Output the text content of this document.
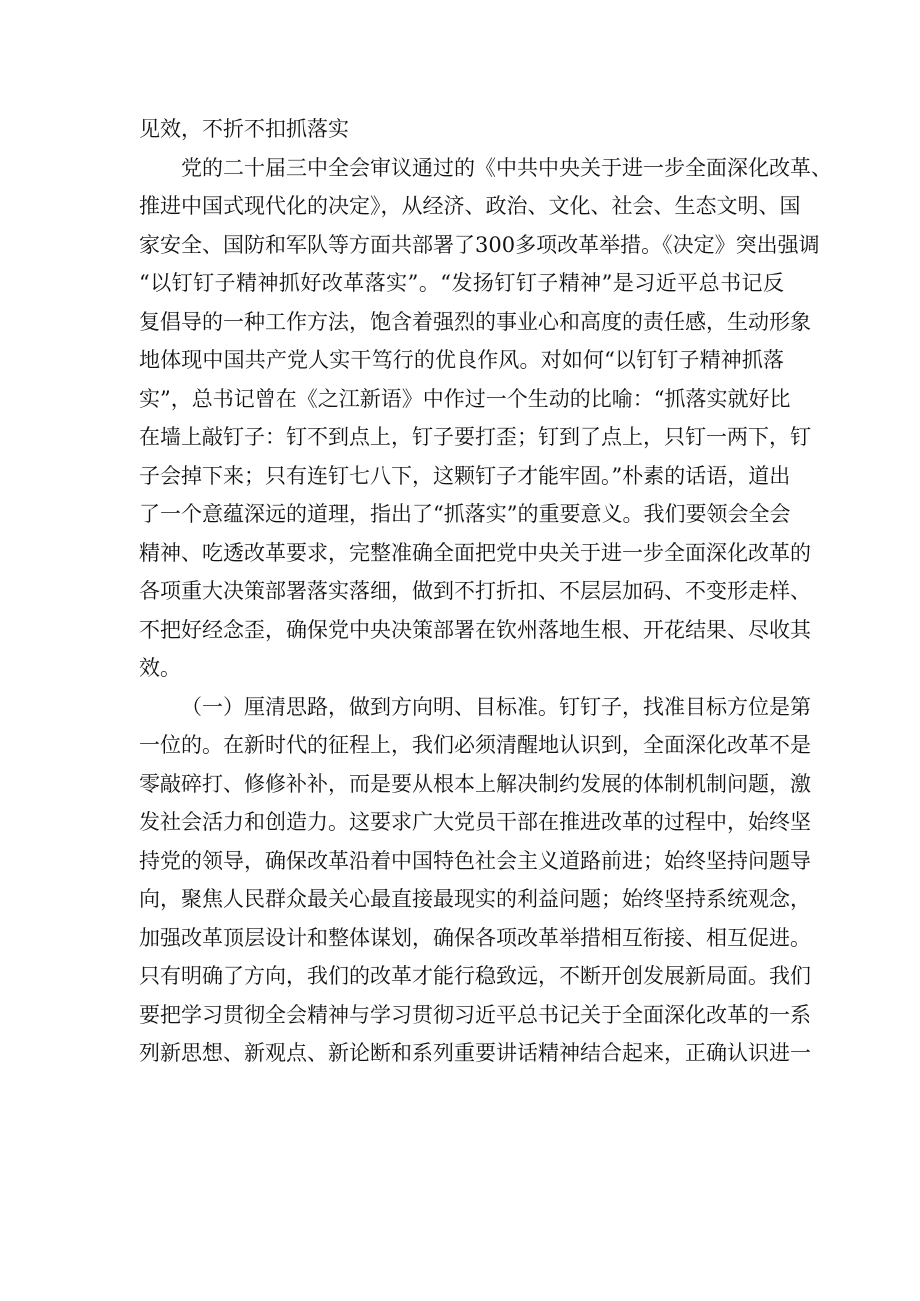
见效，不折不扣抓落实
党的二十届三中全会审议通过的《中共中央关于进一步全面深化改革、
推进中国式现代化的决定》，从经济、政治、文化、社会、生态文明、国
家安全、国防和军队等方面共部署了300多项改革举措。《决定》突出强调
“以钉钉子精神抓好改革落实”。“发扬钉钉子精神”是习近平总书记反
复倡导的一种工作方法，饱含着强烈的事业心和高度的责任感，生动形象
地体现中国共产党人实干笃行的优良作风。对如何“以钉钉子精神抓落
实”，总书记曾在《之江新语》中作过一个生动的比喻：“抓落实就好比
在墙上敲钉子：钉不到点上，钉子要打歪；钉到了点上，只钉一两下，钉
子会掉下来；只有连钉七八下，这颗钉子才能牢固。”朴素的话语，道出
了一个意蕴深远的道理，指出了“抓落实”的重要意义。我们要领会全会
精神、吃透改革要求，完整准确全面把党中央关于进一步全面深化改革的
各项重大决策部署落实落细，做到不打折扣、不层层加码、不变形走样、
不把好经念歪，确保党中央决策部署在钦州落地生根、开花结果、尽收其
效。
（一）厘清思路，做到方向明、目标准。钉钉子，找准目标方位是第
一位的。在新时代的征程上，我们必须清醒地认识到，全面深化改革不是
零敲碎打、修修补补，而是要从根本上解决制约发展的体制机制问题，激
发社会活力和创造力。这要求广大党员干部在推进改革的过程中，始终坚
持党的领导，确保改革沿着中国特色社会主义道路前进；始终坚持问题导
向，聚焦人民群众最关心最直接最现实的利益问题；始终坚持系统观念，
加强改革顶层设计和整体谋划，确保各项改革举措相互衔接、相互促进。
只有明确了方向，我们的改革才能行稳致远，不断开创发展新局面。我们
要把学习贯彻全会精神与学习贯彻习近平总书记关于全面深化改革的一系
列新思想、新观点、新论断和系列重要讲话精神结合起来，正确认识进一
